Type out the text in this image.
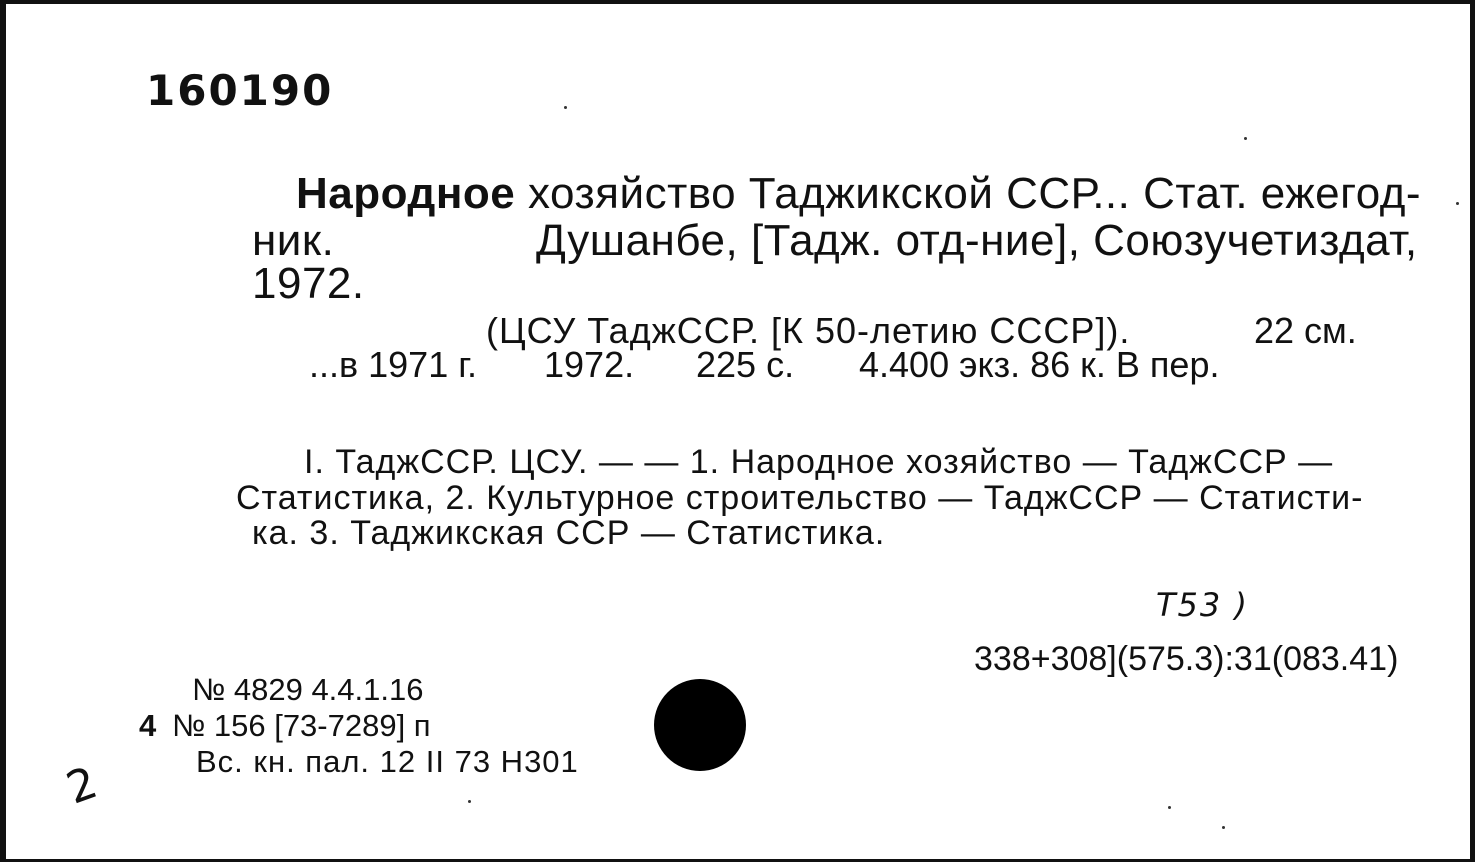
160190
Народное хозяйство Таджикской ССР... Стат. ежегод-
ник.	Душанбе, [Тадж. отд-ние], Союзучетиздат,
1972.
(ЦСУ ТаджССР. [К 50-летию СССР]).	22 см.
...в 1971 г. 1972. 225 с. 4.400 экз. 86 к. В пер.
I. ТаджССР. ЦСУ. — — 1. Народное хозяйство — ТаджССР —
Статистика, 2. Культурное строительство — ТаджССР — Статисти-
ка. 3. Таджикская ССР — Статистика.
Т53 )
338+308](575.3):31(083.41)
№ 4829 4.4.1.16
4 № 156 [73-7289] п
Вс. кн. пал. 12 II 73 Н301
2
